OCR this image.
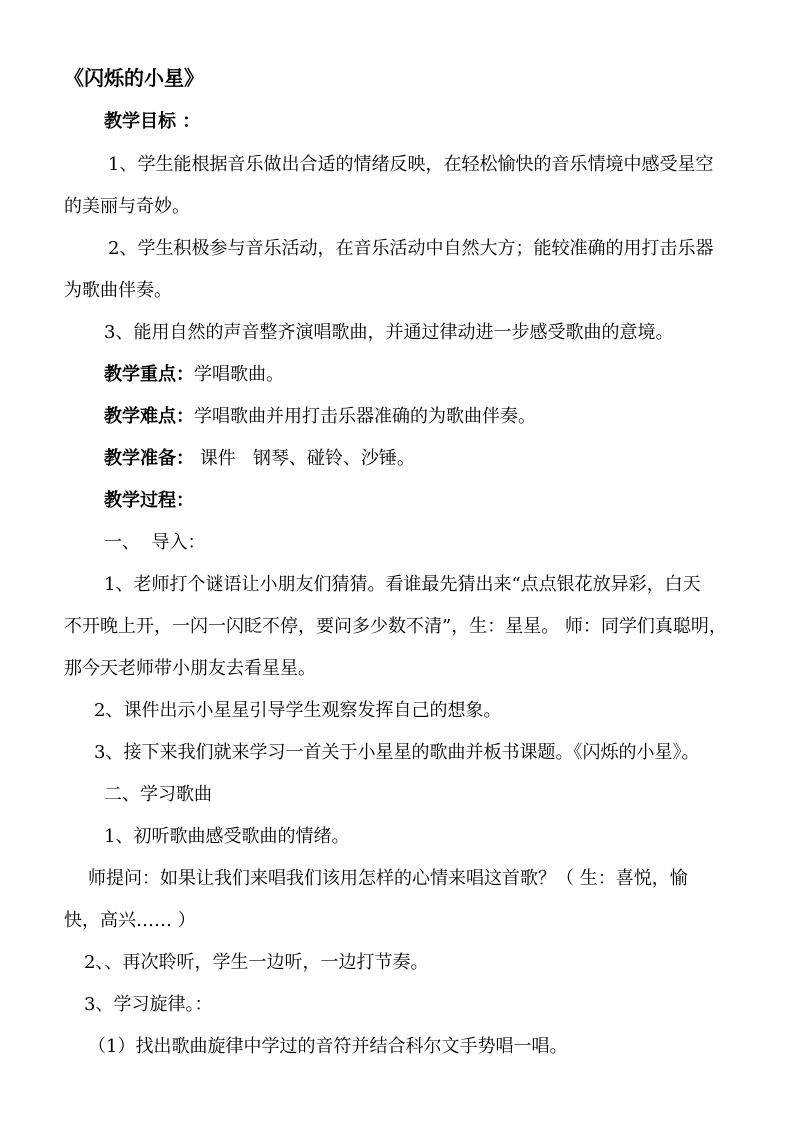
《闪烁的小星》
教学目标 ：
1、学生能根据音乐做出合适的情绪反映，在轻松愉快的音乐情境中感受星空
的美丽与奇妙。
2、学生积极参与音乐活动，在音乐活动中自然大方；能较准确的用打击乐器
为歌曲伴奏。
3、能用自然的声音整齐演唱歌曲，并通过律动进一步感受歌曲的意境。
教学重点：学唱歌曲。
教学难点：学唱歌曲并用打击乐器准确的为歌曲伴奏。
教学准备： 课件   钢琴、碰铃、沙锤。
教学过程：
一、  导入：
1、老师打个谜语让小朋友们猜猜。看谁最先猜出来“点点银花放异彩，白天
不开晚上开，一闪一闪眨不停，要问多少数不清”，生：星星。 师：同学们真聪明，
那今天老师带小朋友去看星星。
2、课件出示小星星引导学生观察发挥自己的想象。
3、接下来我们就来学习一首关于小星星的歌曲并板书课题。《闪烁的小星》。
二、学习歌曲
1、初听歌曲感受歌曲的情绪。
师提问：如果让我们来唱我们该用怎样的心情来唱这首歌？（ 生：喜悦，愉
快，高兴…… ）
2、、再次聆听，学生一边听，一边打节奏。
3、学习旋律。：
（1）找出歌曲旋律中学过的音符并结合科尔文手势唱一唱。
